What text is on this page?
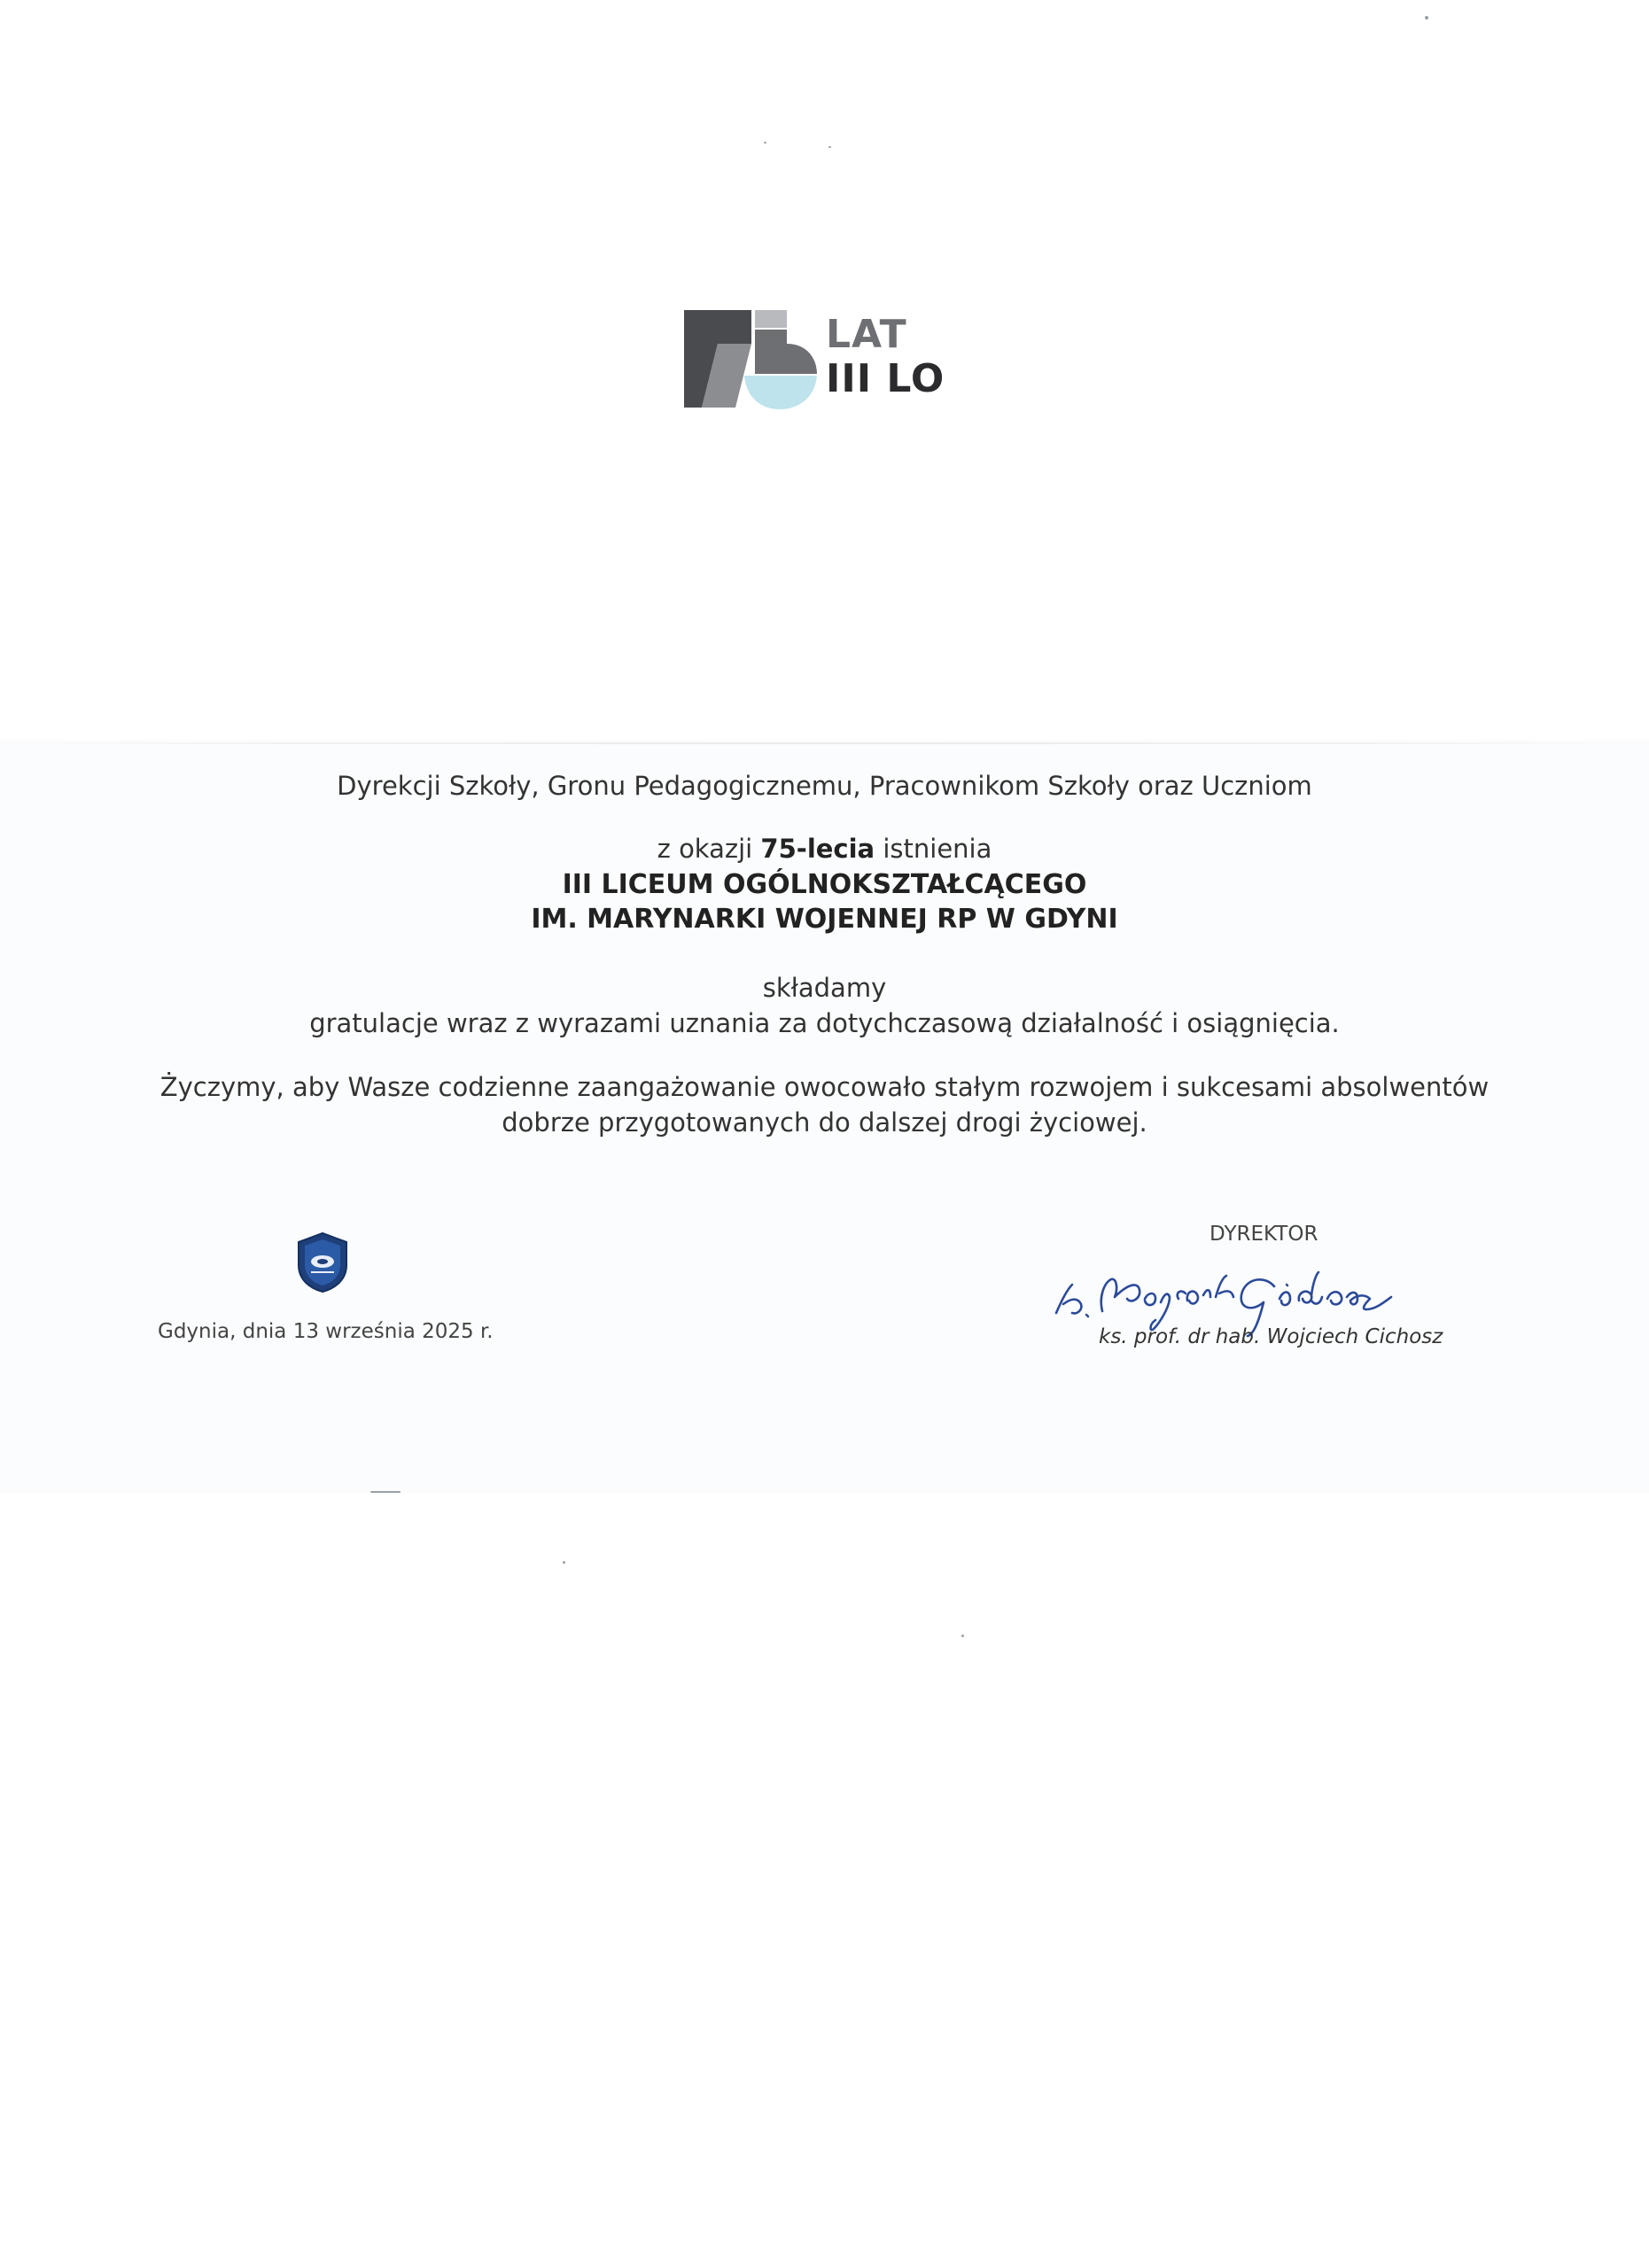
LAT
III LO
Dyrekcji Szkoły, Gronu Pedagogicznemu, Pracownikom Szkoły oraz Uczniom
z okazji 75-lecia istnienia
III LICEUM OGÓLNOKSZTAŁCĄCEGO
IM. MARYNARKI WOJENNEJ RP W GDYNI
składamy
gratulacje wraz z wyrazami uznania za dotychczasową działalność i osiągnięcia.
Życzymy, aby Wasze codzienne zaangażowanie owocowało stałym rozwojem i sukcesami absolwentów
dobrze przygotowanych do dalszej drogi życiowej.
Gdynia, dnia 13 września 2025 r.
DYREKTOR
ks. prof. dr hab. Wojciech Cichosz
